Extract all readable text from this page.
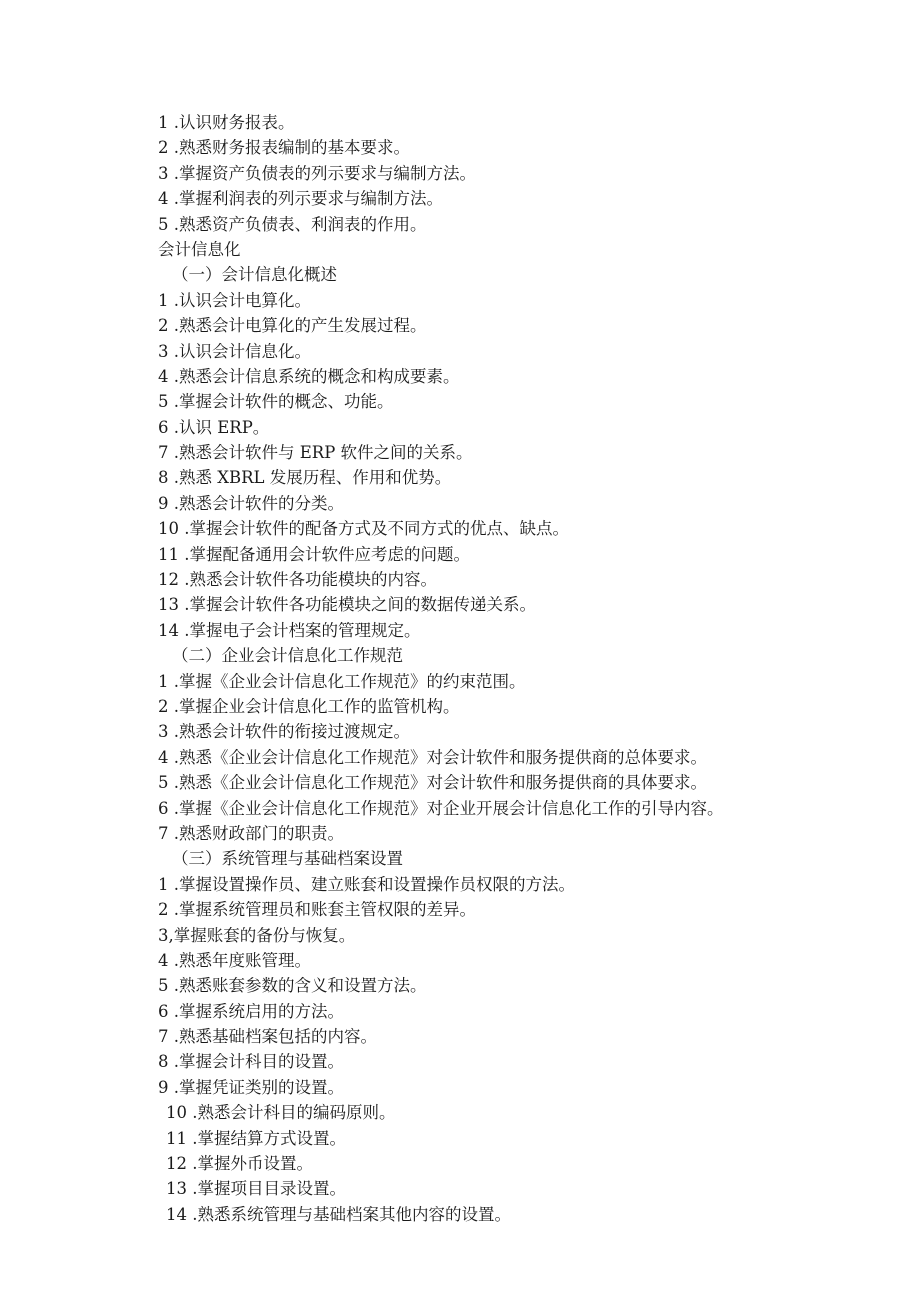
1 .认识财务报表。
2 .熟悉财务报表编制的基本要求。
3 .掌握资产负债表的列示要求与编制方法。
4 .掌握利润表的列示要求与编制方法。
5 .熟悉资产负债表、利润表的作用。
会计信息化
（一）会计信息化概述
1 .认识会计电算化。
2 .熟悉会计电算化的产生发展过程。
3 .认识会计信息化。
4 .熟悉会计信息系统的概念和构成要素。
5 .掌握会计软件的概念、功能。
6 .认识 ERP。
7 .熟悉会计软件与 ERP 软件之间的关系。
8 .熟悉 XBRL 发展历程、作用和优势。
9 .熟悉会计软件的分类。
10 .掌握会计软件的配备方式及不同方式的优点、缺点。
11 .掌握配备通用会计软件应考虑的问题。
12 .熟悉会计软件各功能模块的内容。
13 .掌握会计软件各功能模块之间的数据传递关系。
14 .掌握电子会计档案的管理规定。
（二）企业会计信息化工作规范
1 .掌握《企业会计信息化工作规范》的约束范围。
2 .掌握企业会计信息化工作的监管机构。
3 .熟悉会计软件的衔接过渡规定。
4 .熟悉《企业会计信息化工作规范》对会计软件和服务提供商的总体要求。
5 .熟悉《企业会计信息化工作规范》对会计软件和服务提供商的具体要求。
6 .掌握《企业会计信息化工作规范》对企业开展会计信息化工作的引导内容。
7 .熟悉财政部门的职责。
（三）系统管理与基础档案设置
1 .掌握设置操作员、建立账套和设置操作员权限的方法。
2 .掌握系统管理员和账套主管权限的差异。
3,掌握账套的备份与恢复。
4 .熟悉年度账管理。
5 .熟悉账套参数的含义和设置方法。
6 .掌握系统启用的方法。
7 .熟悉基础档案包括的内容。
8 .掌握会计科目的设置。
9 .掌握凭证类别的设置。
10 .熟悉会计科目的编码原则。
11 .掌握结算方式设置。
12 .掌握外币设置。
13 .掌握项目目录设置。
14 .熟悉系统管理与基础档案其他内容的设置。
